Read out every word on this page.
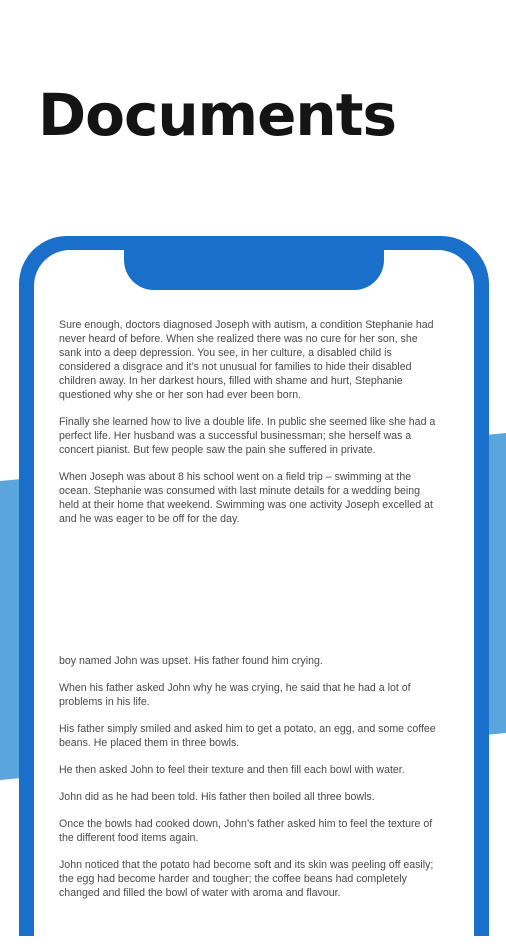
Documents

Sure enough, doctors diagnosed Joseph with autism, a condition Stephanie had never heard of before. When she realized there was no cure for her son, she sank into a deep depression. You see, in her culture, a disabled child is considered a disgrace and it’s not unusual for families to hide their disabled children away. In her darkest hours, filled with shame and hurt, Stephanie questioned why she or her son had ever been born.

Finally she learned how to live a double life. In public she seemed like she had a perfect life. Her husband was a successful businessman; she herself was a concert pianist. But few people saw the pain she suffered in private.

When Joseph was about 8 his school went on a field trip – swimming at the ocean. Stephanie was consumed with last minute details for a wedding being held at their home that weekend. Swimming was one activity Joseph excelled at and he was eager to be off for the day.

boy named John was upset. His father found him crying.

When his father asked John why he was crying, he said that he had a lot of problems in his life.

His father simply smiled and asked him to get a potato, an egg, and some coffee beans. He placed them in three bowls.

He then asked John to feel their texture and then fill each bowl with water.

John did as he had been told. His father then boiled all three bowls.

Once the bowls had cooked down, John’s father asked him to feel the texture of the different food items again.

John noticed that the potato had become soft and its skin was peeling off easily; the egg had become harder and tougher; the coffee beans had completely changed and filled the bowl of water with aroma and flavour.
